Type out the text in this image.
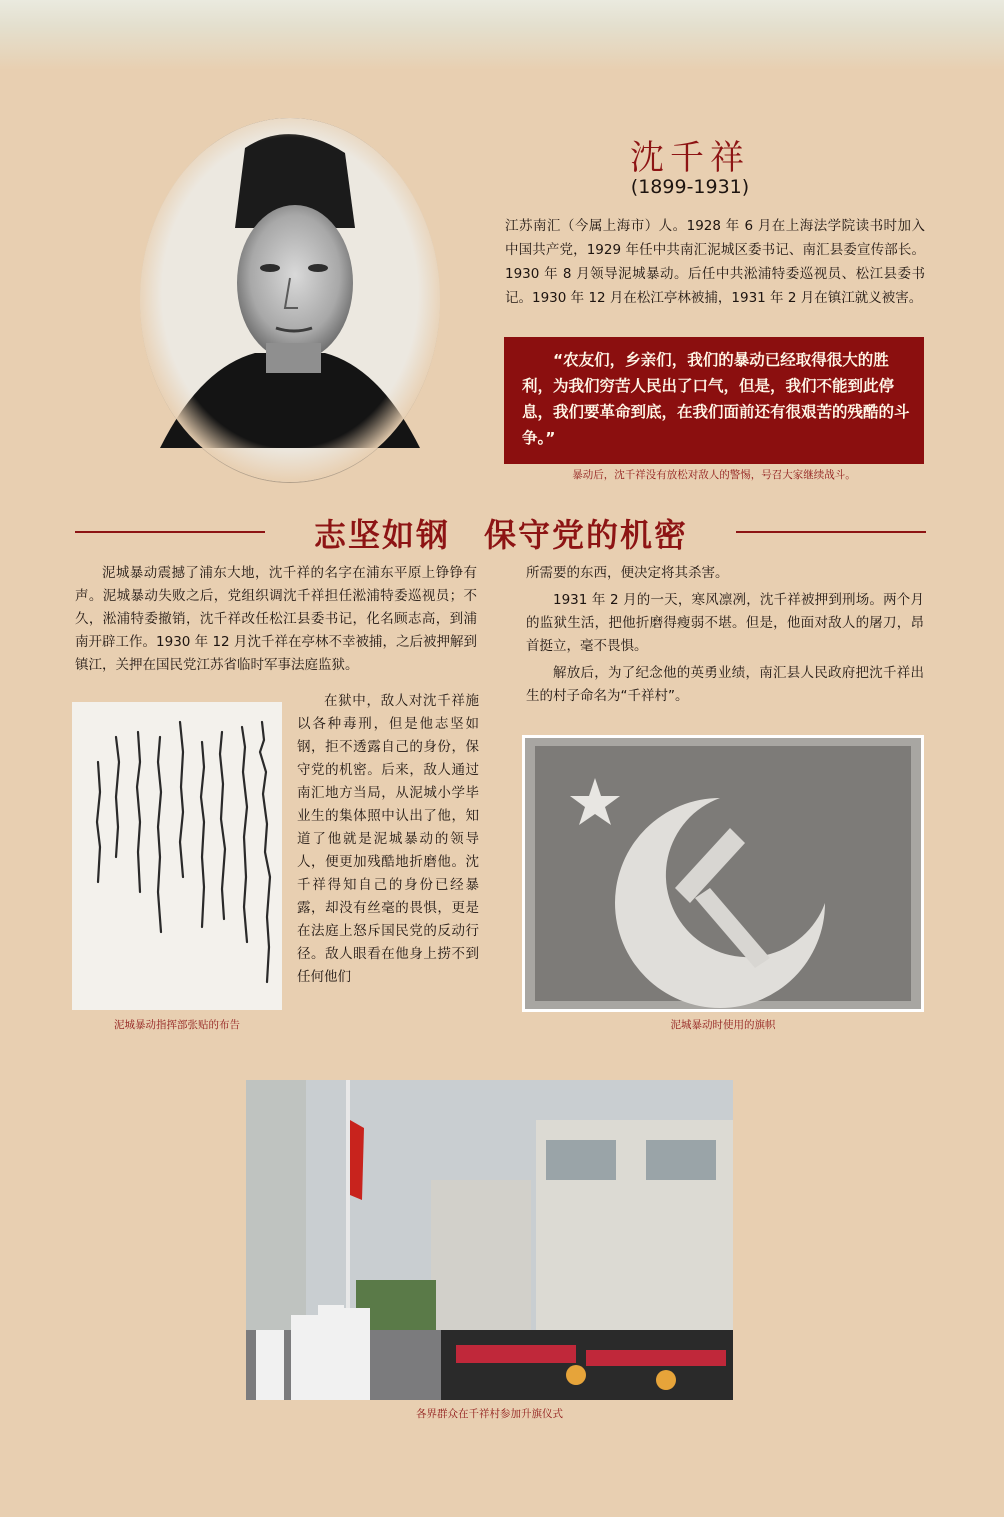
沈千祥
(1899-1931)
江苏南汇（今属上海市）人。1928 年 6 月在上海法学院读书时加入中国共产党，1929 年任中共南汇泥城区委书记、南汇县委宣传部长。1930 年 8 月领导泥城暴动。后任中共淞浦特委巡视员、松江县委书记。1930 年 12 月在松江亭林被捕，1931 年 2 月在镇江就义被害。
“农友们，乡亲们，我们的暴动已经取得很大的胜利，为我们穷苦人民出了口气，但是，我们不能到此停息，我们要革命到底，在我们面前还有很艰苦的残酷的斗争。”
暴动后，沈千祥没有放松对敌人的警惕，号召大家继续战斗。
志坚如钢　保守党的机密

泥城暴动震撼了浦东大地，沈千祥的名字在浦东平原上铮铮有声。泥城暴动失败之后，党组织调沈千祥担任淞浦特委巡视员；不久，淞浦特委撤销，沈千祥改任松江县委书记，化名顾志高，到浦南开辟工作。1930 年 12 月沈千祥在亭林不幸被捕，之后被押解到镇江，关押在国民党江苏省临时军事法庭监狱。

在狱中，敌人对沈千祥施以各种毒刑，但是他志坚如钢，拒不透露自己的身份，保守党的机密。后来，敌人通过南汇地方当局，从泥城小学毕业生的集体照中认出了他，知道了他就是泥城暴动的领导人，便更加残酷地折磨他。沈千祥得知自己的身份已经暴露，却没有丝毫的畏惧，更是在法庭上怒斥国民党的反动行径。敌人眼看在他身上捞不到任何他们

所需要的东西，便决定将其杀害。

1931 年 2 月的一天，寒风凛冽，沈千祥被押到刑场。两个月的监狱生活，把他折磨得瘦弱不堪。但是，他面对敌人的屠刀，昂首挺立，毫不畏惧。

解放后，为了纪念他的英勇业绩，南汇县人民政府把沈千祥出生的村子命名为“千祥村”。

泥城暴动指挥部张贴的布告	泥城暴动时使用的旗帜
各界群众在千祥村参加升旗仪式
